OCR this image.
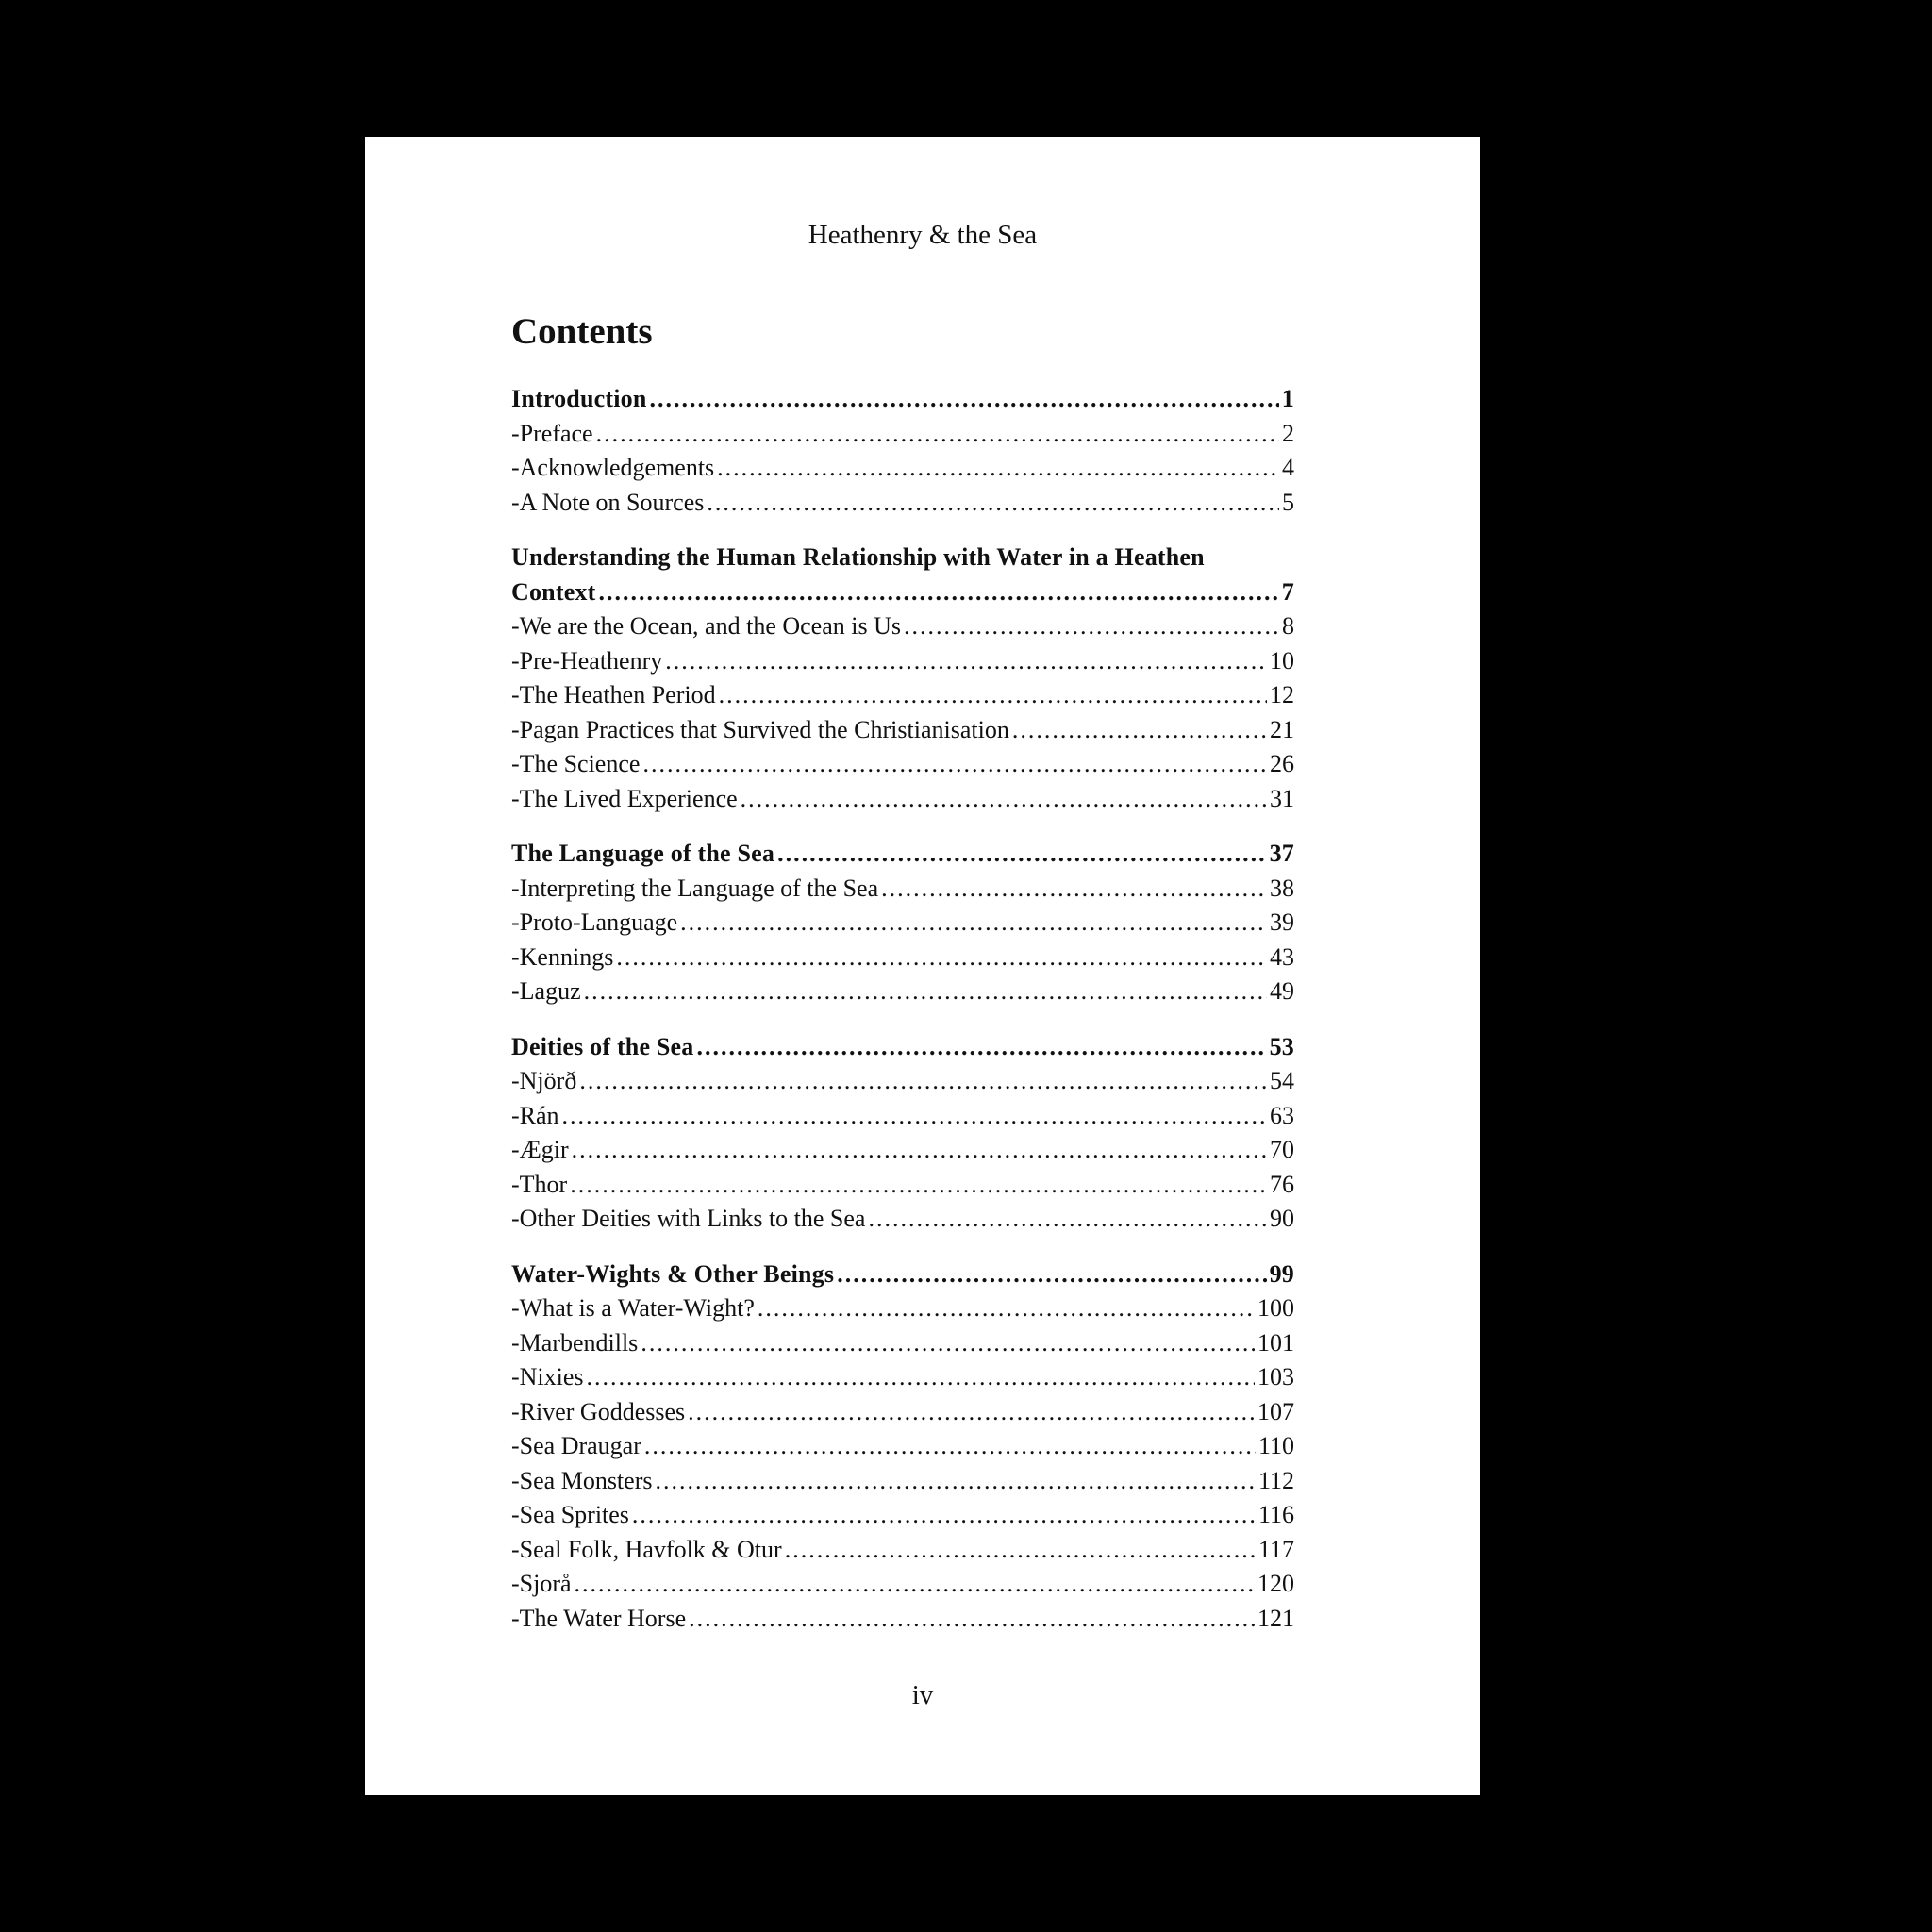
Heathenry & the Sea
Contents
Introduction .....	1
-Preface .....	2
-Acknowledgements .....	4
-A Note on Sources .....	5
Understanding the Human Relationship with Water in a Heathen
Context .....	7
-We are the Ocean, and the Ocean is Us .....	8
-Pre-Heathenry .....	10
-The Heathen Period .....	12
-Pagan Practices that Survived the Christianisation .....	21
-The Science .....	26
-The Lived Experience .....	31
The Language of the Sea .....	37
-Interpreting the Language of the Sea .....	38
-Proto-Language .....	39
-Kennings .....	43
-Laguz .....	49
Deities of the Sea .....	53
-Njörð .....	54
-Rán .....	63
-Ægir .....	70
-Thor .....	76
-Other Deities with Links to the Sea .....	90
Water-Wights & Other Beings .....	99
-What is a Water-Wight? .....	100
-Marbendills .....	101
-Nixies .....	103
-River Goddesses .....	107
-Sea Draugar .....	110
-Sea Monsters .....	112
-Sea Sprites .....	116
-Seal Folk, Havfolk & Otur .....	117
-Sjorå .....	120
-The Water Horse .....	121
iv
